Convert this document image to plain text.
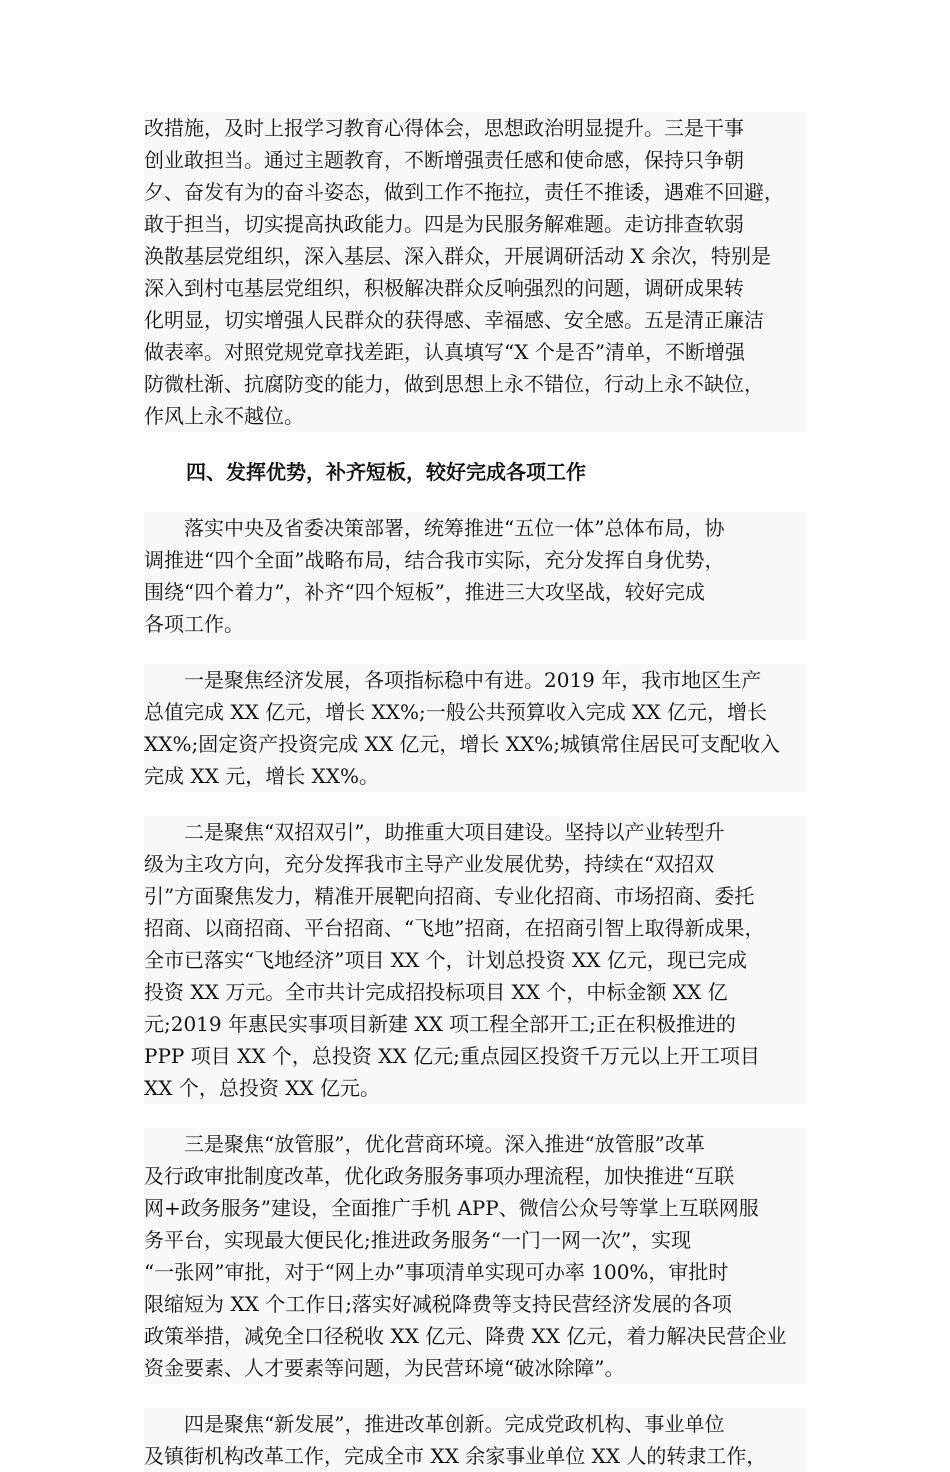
改措施，及时上报学习教育心得体会，思想政治明显提升。三是干事
创业敢担当。通过主题教育，不断增强责任感和使命感，保持只争朝
夕、奋发有为的奋斗姿态，做到工作不拖拉，责任不推诿，遇难不回避，
敢于担当，切实提高执政能力。四是为民服务解难题。走访排查软弱
涣散基层党组织，深入基层、深入群众，开展调研活动 X 余次，特别是
深入到村屯基层党组织，积极解决群众反响强烈的问题，调研成果转
化明显，切实增强人民群众的获得感、幸福感、安全感。五是清正廉洁
做表率。对照党规党章找差距，认真填写“X 个是否”清单，不断增强
防微杜渐、抗腐防变的能力，做到思想上永不错位，行动上永不缺位，
作风上永不越位。
四、发挥优势，补齐短板，较好完成各项工作
　　落实中央及省委决策部署，统筹推进“五位一体”总体布局，协
调推进“四个全面”战略布局，结合我市实际，充分发挥自身优势，
围绕“四个着力”，补齐“四个短板”，推进三大攻坚战，较好完成
各项工作。
　　一是聚焦经济发展，各项指标稳中有进。2019 年，我市地区生产
总值完成 XX 亿元，增长 XX%;一般公共预算收入完成 XX 亿元，增长
XX%;固定资产投资完成 XX 亿元，增长 XX%;城镇常住居民可支配收入
完成 XX 元，增长 XX%。
　　二是聚焦“双招双引”，助推重大项目建设。坚持以产业转型升
级为主攻方向，充分发挥我市主导产业发展优势，持续在“双招双
引”方面聚焦发力，精准开展靶向招商、专业化招商、市场招商、委托
招商、以商招商、平台招商、“飞地”招商，在招商引智上取得新成果，
全市已落实“飞地经济”项目 XX 个，计划总投资 XX 亿元，现已完成
投资 XX 万元。全市共计完成招投标项目 XX 个，中标金额 XX 亿
元;2019 年惠民实事项目新建 XX 项工程全部开工;正在积极推进的
PPP 项目 XX 个，总投资 XX 亿元;重点园区投资千万元以上开工项目
XX 个，总投资 XX 亿元。
　　三是聚焦“放管服”，优化营商环境。深入推进“放管服”改革
及行政审批制度改革，优化政务服务事项办理流程，加快推进“互联
网+政务服务”建设，全面推广手机 APP、微信公众号等掌上互联网服
务平台，实现最大便民化;推进政务服务“一门一网一次”，实现
“一张网”审批，对于“网上办”事项清单实现可办率 100%，审批时
限缩短为 XX 个工作日;落实好减税降费等支持民营经济发展的各项
政策举措，减免全口径税收 XX 亿元、降费 XX 亿元，着力解决民营企业
资金要素、人才要素等问题，为民营环境“破冰除障”。
　　四是聚焦“新发展”，推进改革创新。完成党政机构、事业单位
及镇街机构改革工作，完成全市 XX 余家事业单位 XX 人的转隶工作，
